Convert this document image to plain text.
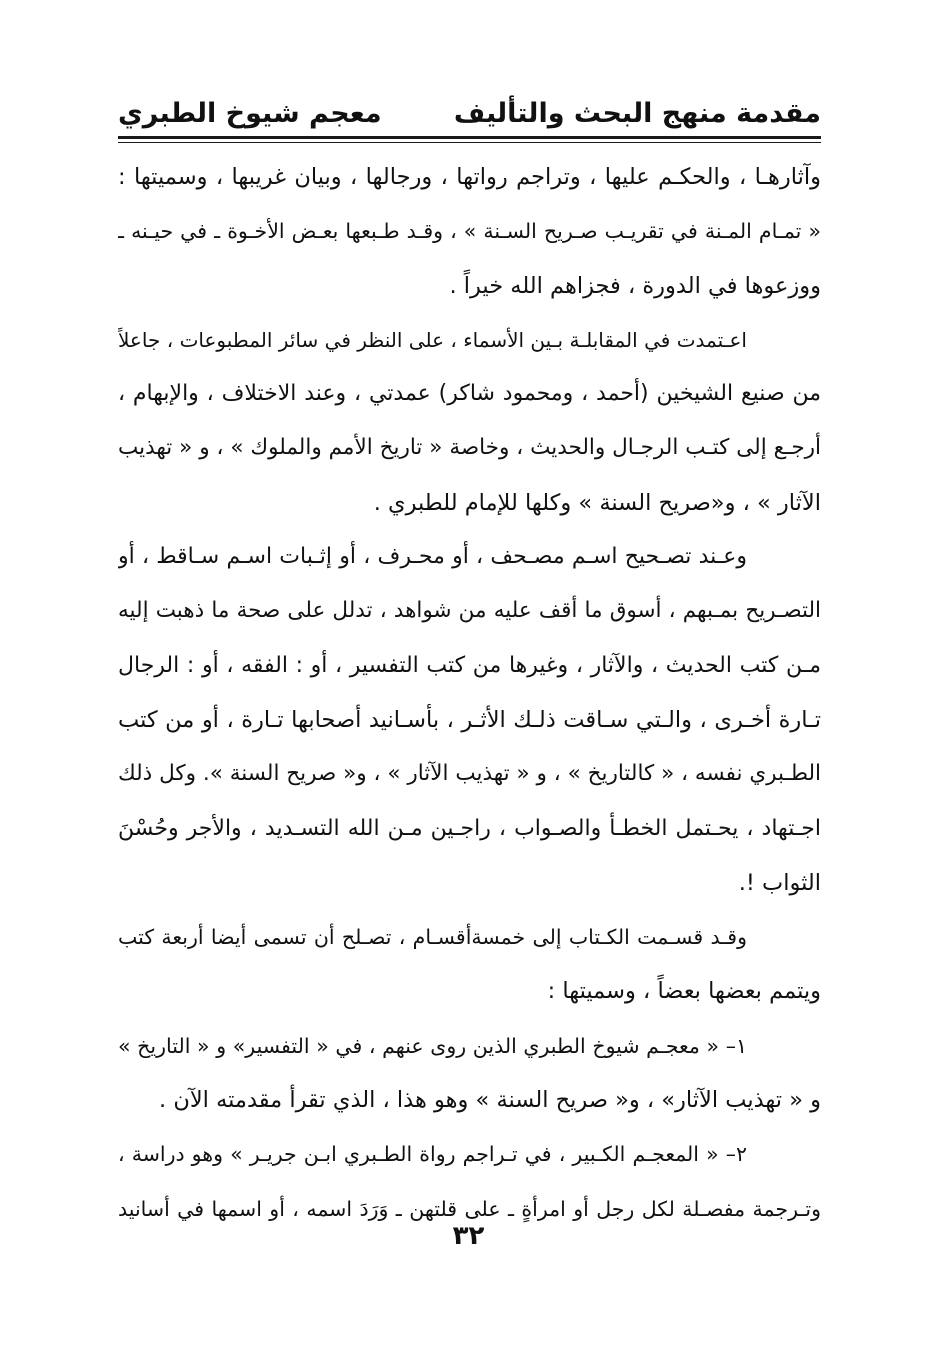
مقدمة منهج البحث والتأليف
معجم شيوخ الطبري
وآثارهـا ، والحكـم عليها ، وتراجم رواتها ، ورجالها ، وبيان غريبها ، وسميتها :
« تمـام المـنة في تقريـب صـريح السـنة » ، وقـد طـبعها بعـض الأخـوة ـ في حيـنه ـ
ووزعوها في الدورة ، فجزاهم الله خيراً .
اعـتمدت في المقابلـة بـين الأسماء ، على النظر في سائر المطبوعات ، جاعلاً
من صنيع الشيخين (أحمد ، ومحمود شاكر) عمدتي ، وعند الاختلاف ، والإبهام ،
أرجـع إلى كتـب الرجـال والحديث ، وخاصة « تاريخ الأمم والملوك » ، و « تهذيب
الآثار » ، و«صريح السنة » وكلها للإمام للطبري .
وعـند تصـحيح اسـم مصـحف ، أو محـرف ، أو إثـبات اسـم سـاقط ، أو
التصـريح بمـبهم ، أسوق ما أقف عليه من شواهد ، تدلل على صحة ما ذهبت إليه
مـن كتب الحديث ، والآثار ، وغيرها من كتب التفسير ، أو : الفقه ، أو : الرجال
تـارة أخـرى ، والـتي سـاقت ذلـك الأثـر ، بأسـانيد أصحابها تـارة ، أو من كتب
الطـبري نفسه ، « كالتاريخ » ، و « تهذيب الآثار » ، و« صريح السنة ». وكل ذلك
اجـتهاد ، يحـتمل الخطـأ والصـواب ، راجـين مـن الله التسـديد ، والأجر وحُسْنَ
الثواب !.
وقـد قسـمت الكـتاب إلى خمسةأقسـام ، تصـلح أن تسمى أيضا أربعة كتب
ويتمم بعضها بعضاً ، وسميتها :
١– « معجـم شيوخ الطبري الذين روى عنهم ، في « التفسير» و « التاريخ »
و « تهذيب الآثار» ، و« صريح السنة » وهو هذا ، الذي تقرأ مقدمته الآن .
٢– « المعجـم الكـبير ، في تـراجم رواة الطـبري ابـن جريـر » وهو دراسة ،
وتـرجمة مفصـلة لكل رجل أو امرأةٍ ـ على قلتهن ـ وَرَدَ اسمه ، أو اسمها في أسانيد
٣٢
